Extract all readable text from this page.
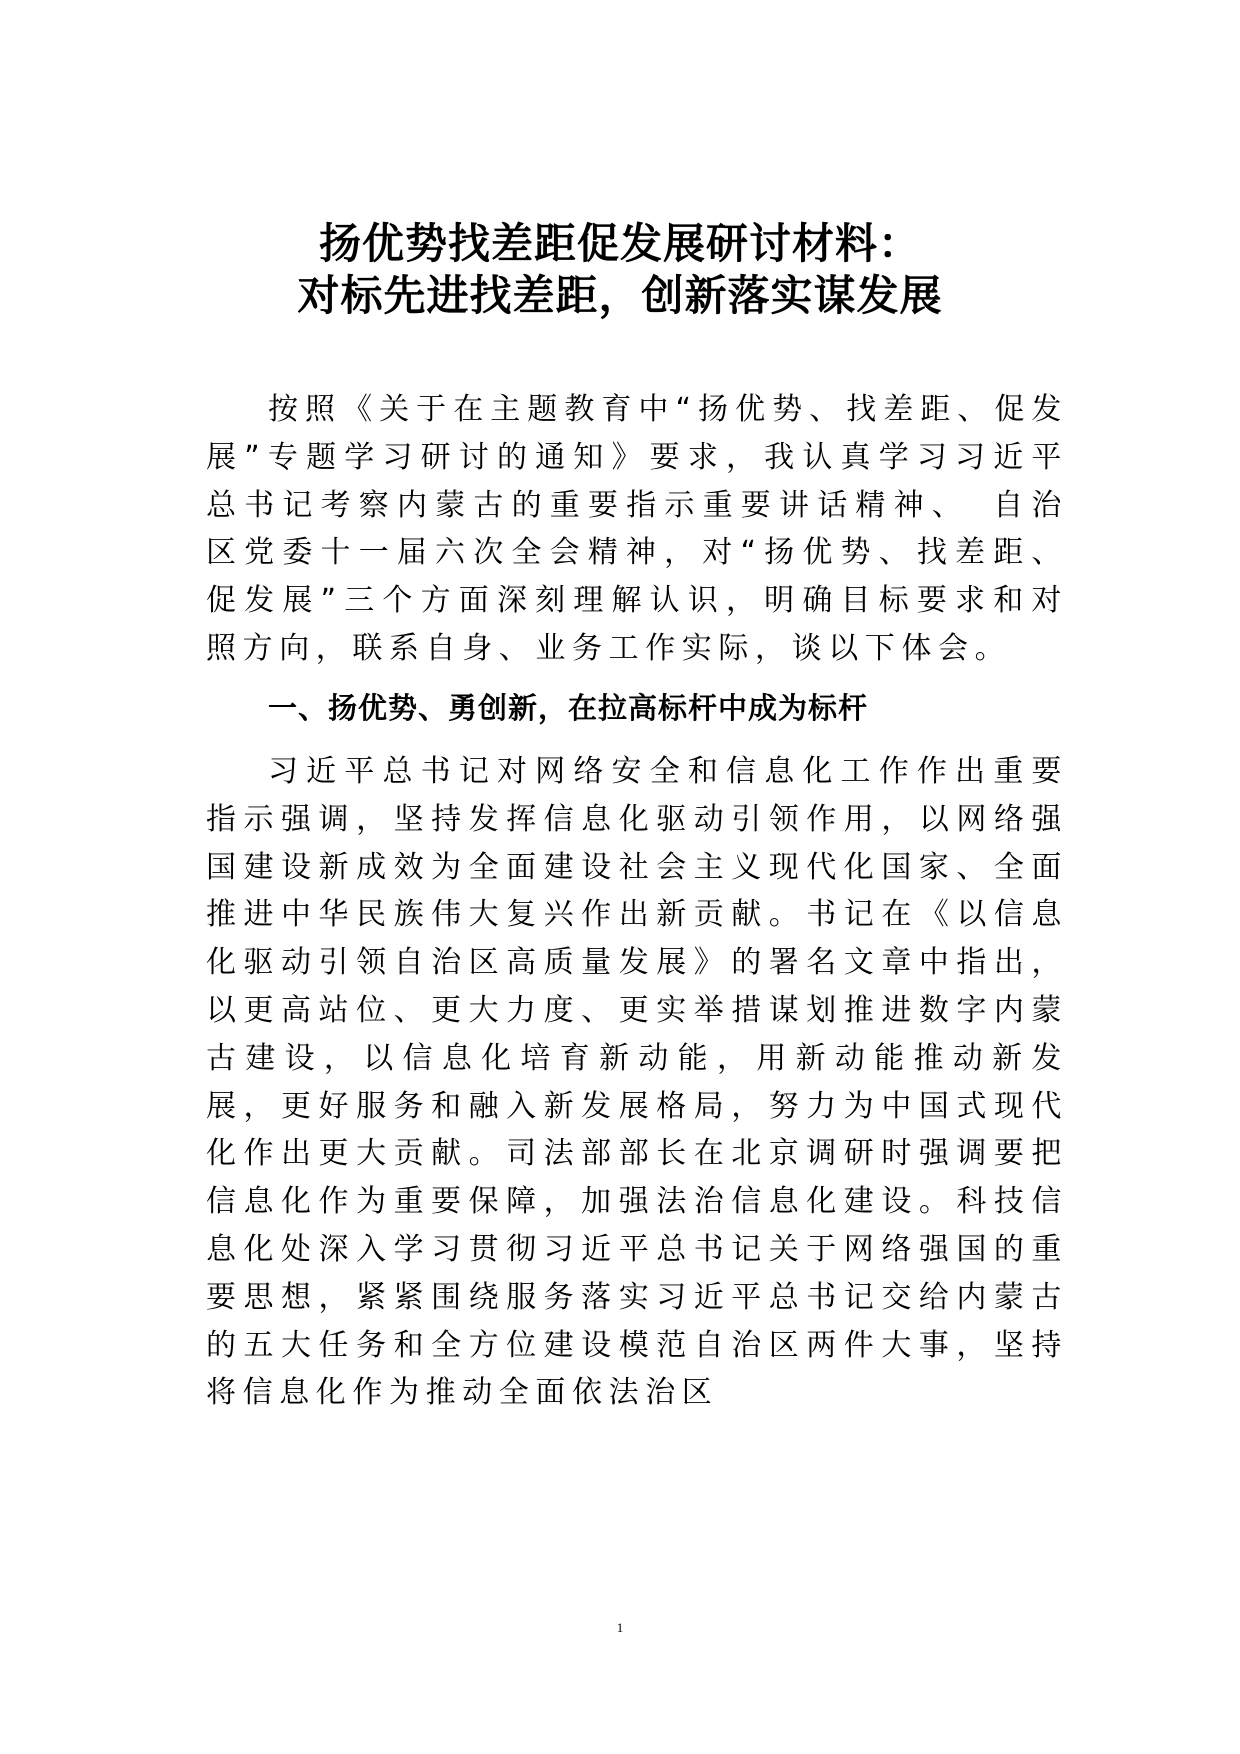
扬优势找差距促发展研讨材料：
对标先进找差距，创新落实谋发展

按照《关于在主题教育中“扬优势、找差距、促发展”专题学习研讨的通知》要求，我认真学习习近平总书记考察内蒙古的重要指示重要讲话精神、　自治区党委十一届六次全会精神，对“扬优势、找差距、促发展”三个方面深刻理解认识，明确目标要求和对照方向，联系自身、业务工作实际，谈以下体会。

一、扬优势、勇创新，在拉高标杆中成为标杆

习近平总书记对网络安全和信息化工作作出重要指示强调，坚持发挥信息化驱动引领作用，以网络强国建设新成效为全面建设社会主义现代化国家、全面推进中华民族伟大复兴作出新贡献。书记在《以信息化驱动引领自治区高质量发展》的署名文章中指出，以更高站位、更大力度、更实举措谋划推进数字内蒙古建设，以信息化培育新动能，用新动能推动新发展，更好服务和融入新发展格局，努力为中国式现代化作出更大贡献。司法部部长在北京调研时强调要把信息化作为重要保障，加强法治信息化建设。科技信息化处深入学习贯彻习近平总书记关于网络强国的重要思想，紧紧围绕服务落实习近平总书记交给内蒙古的五大任务和全方位建设模范自治区两件大事，坚持将信息化作为推动全面依法治区

1
